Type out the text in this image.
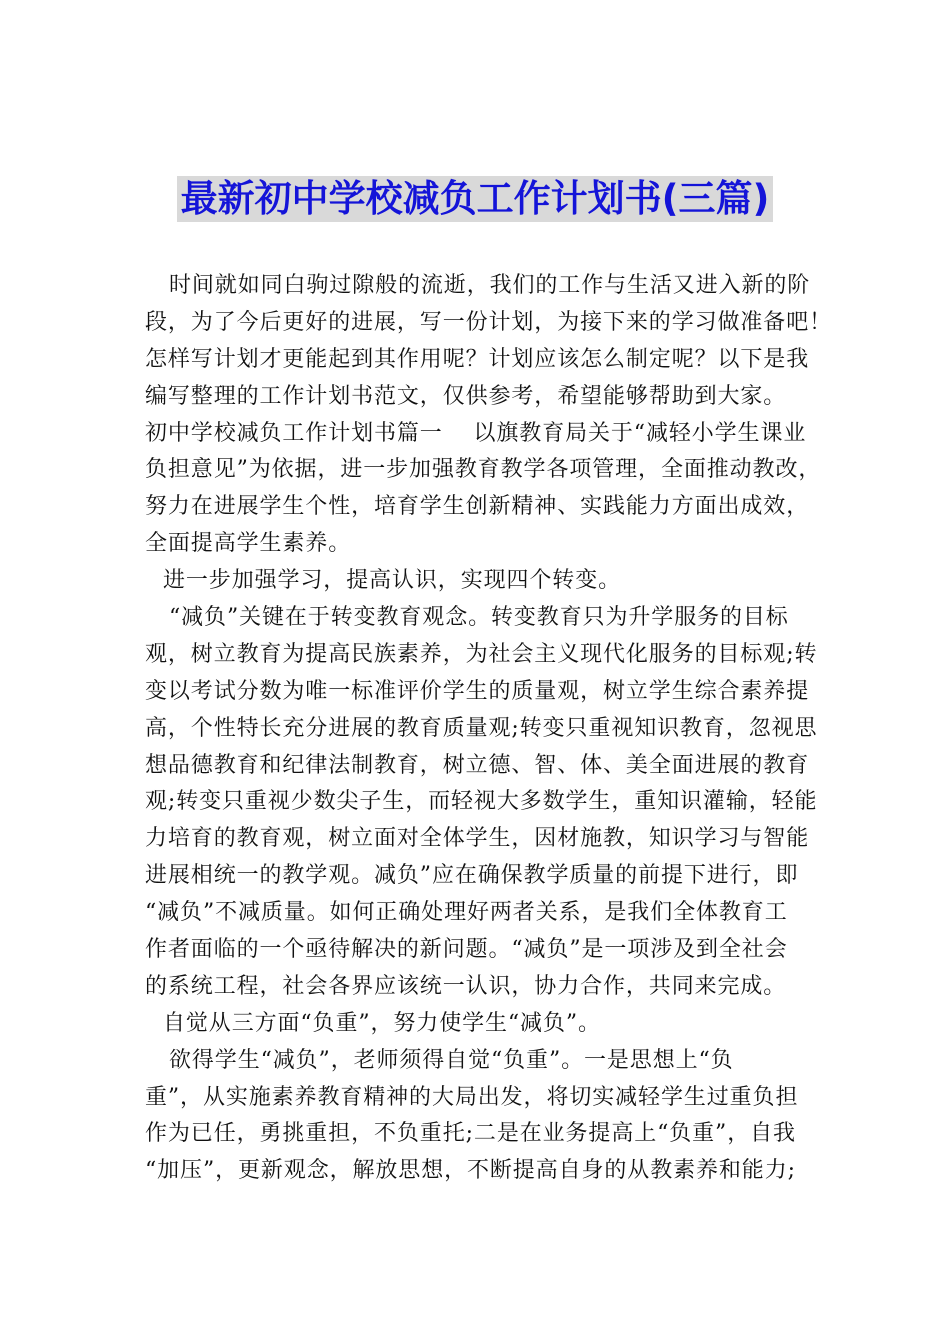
最新初中学校减负工作计划书(三篇)
时间就如同白驹过隙般的流逝，我们的工作与生活又进入新的阶
段，为了今后更好的进展，写一份计划，为接下来的学习做准备吧！
怎样写计划才更能起到其作用呢？计划应该怎么制定呢？以下是我
编写整理的工作计划书范文，仅供参考，希望能够帮助到大家。
初中学校减负工作计划书篇一　 以旗教育局关于“减轻小学生课业
负担意见”为依据，进一步加强教育教学各项管理，全面推动教改，
努力在进展学生个性，培育学生创新精神、实践能力方面出成效，
全面提高学生素养。
进一步加强学习，提高认识，实现四个转变。
“减负”关键在于转变教育观念。转变教育只为升学服务的目标
观，树立教育为提高民族素养，为社会主义现代化服务的目标观;转
变以考试分数为唯一标准评价学生的质量观，树立学生综合素养提
高，个性特长充分进展的教育质量观;转变只重视知识教育，忽视思
想品德教育和纪律法制教育，树立德、智、体、美全面进展的教育
观;转变只重视少数尖子生，而轻视大多数学生，重知识灌输，轻能
力培育的教育观，树立面对全体学生，因材施教，知识学习与智能
进展相统一的教学观。减负”应在确保教学质量的前提下进行，即
“减负”不减质量。如何正确处理好两者关系，是我们全体教育工
作者面临的一个亟待解决的新问题。“减负”是一项涉及到全社会
的系统工程，社会各界应该统一认识，协力合作，共同来完成。
自觉从三方面“负重”，努力使学生“减负”。
欲得学生“减负”，老师须得自觉“负重”。一是思想上“负
重”，从实施素养教育精神的大局出发，将切实减轻学生过重负担
作为已任，勇挑重担，不负重托;二是在业务提高上“负重”，自我
“加压”，更新观念，解放思想，不断提高自身的从教素养和能力;
